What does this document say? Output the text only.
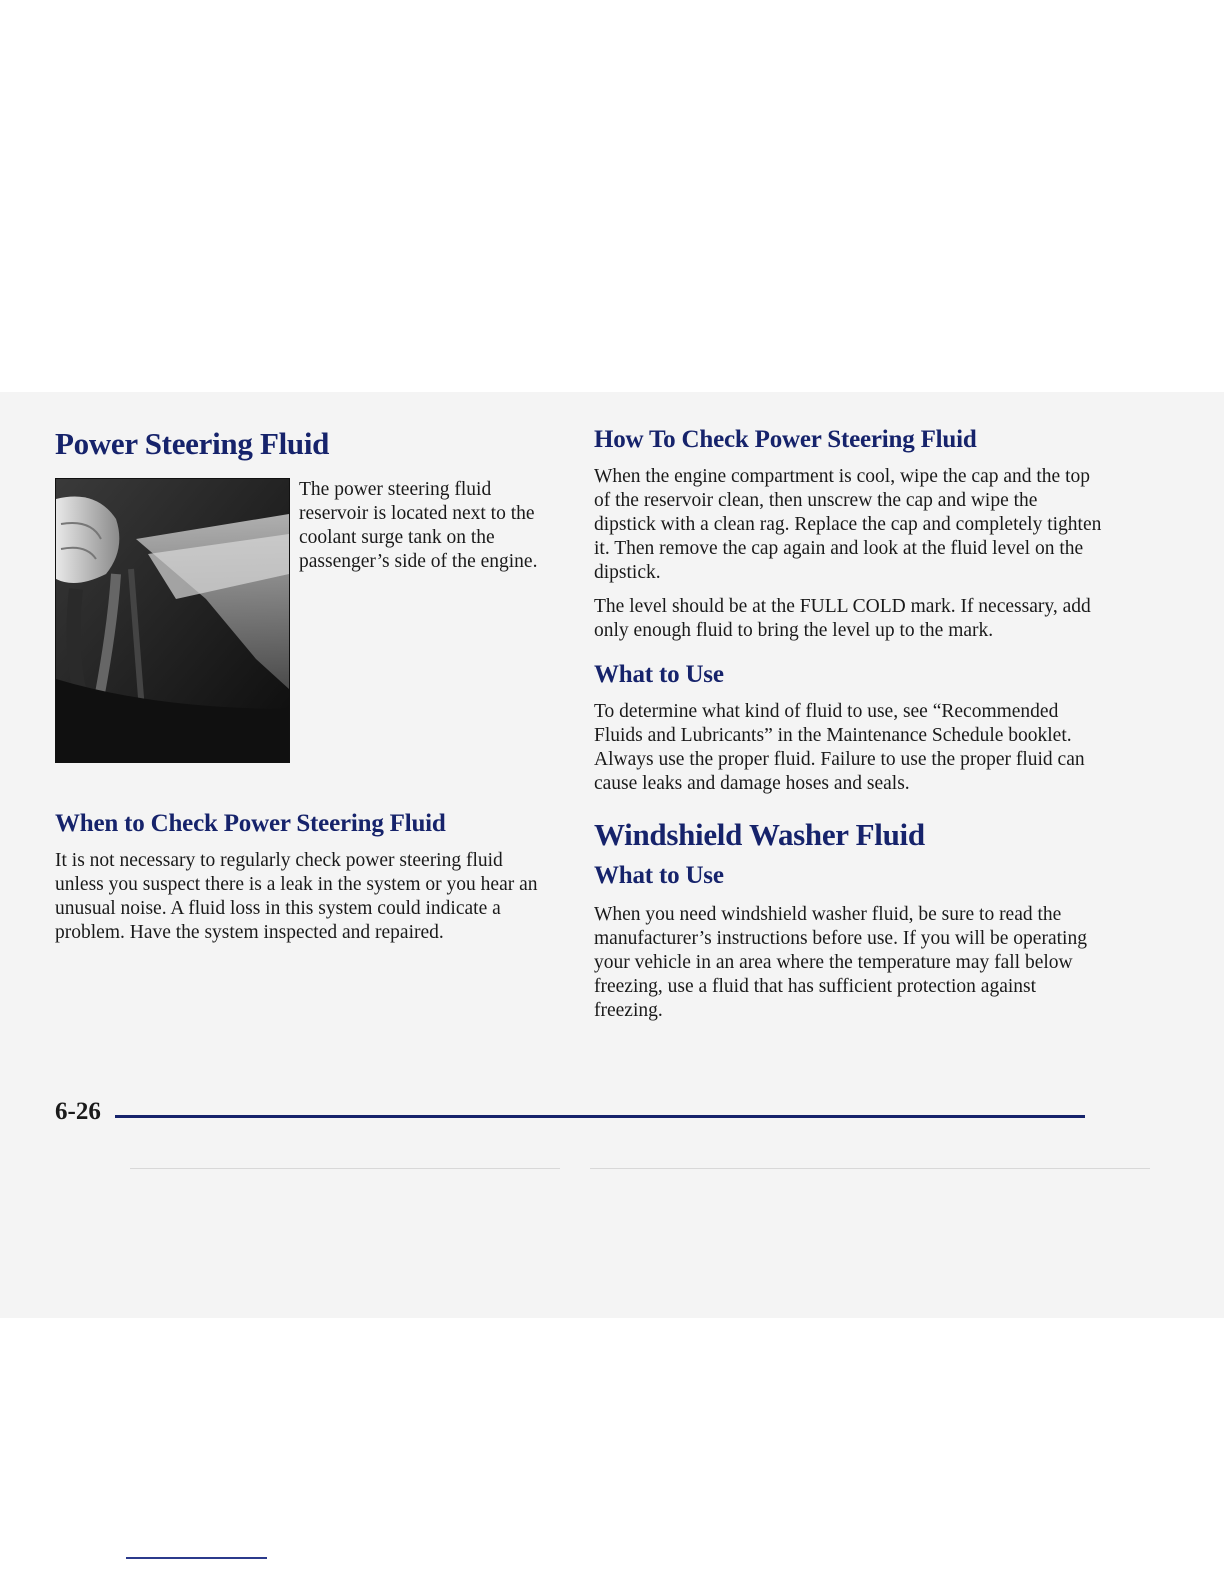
Power Steering Fluid

The power steering fluid reservoir is located next to the coolant surge tank on the passenger’s side of the engine.

When to Check Power Steering Fluid

It is not necessary to regularly check power steering fluid unless you suspect there is a leak in the system or you hear an unusual noise. A fluid loss in this system could indicate a problem. Have the system inspected and repaired.

How To Check Power Steering Fluid

When the engine compartment is cool, wipe the cap and the top of the reservoir clean, then unscrew the cap and wipe the dipstick with a clean rag. Replace the cap and completely tighten it. Then remove the cap again and look at the fluid level on the dipstick.

The level should be at the FULL COLD mark. If necessary, add only enough fluid to bring the level up to the mark.

What to Use

To determine what kind of fluid to use, see “Recommended Fluids and Lubricants” in the Maintenance Schedule booklet. Always use the proper fluid. Failure to use the proper fluid can cause leaks and damage hoses and seals.

Windshield Washer Fluid
What to Use

When you need windshield washer fluid, be sure to read the manufacturer’s instructions before use. If you will be operating your vehicle in an area where the temperature may fall below freezing, use a fluid that has sufficient protection against freezing.

6-26
